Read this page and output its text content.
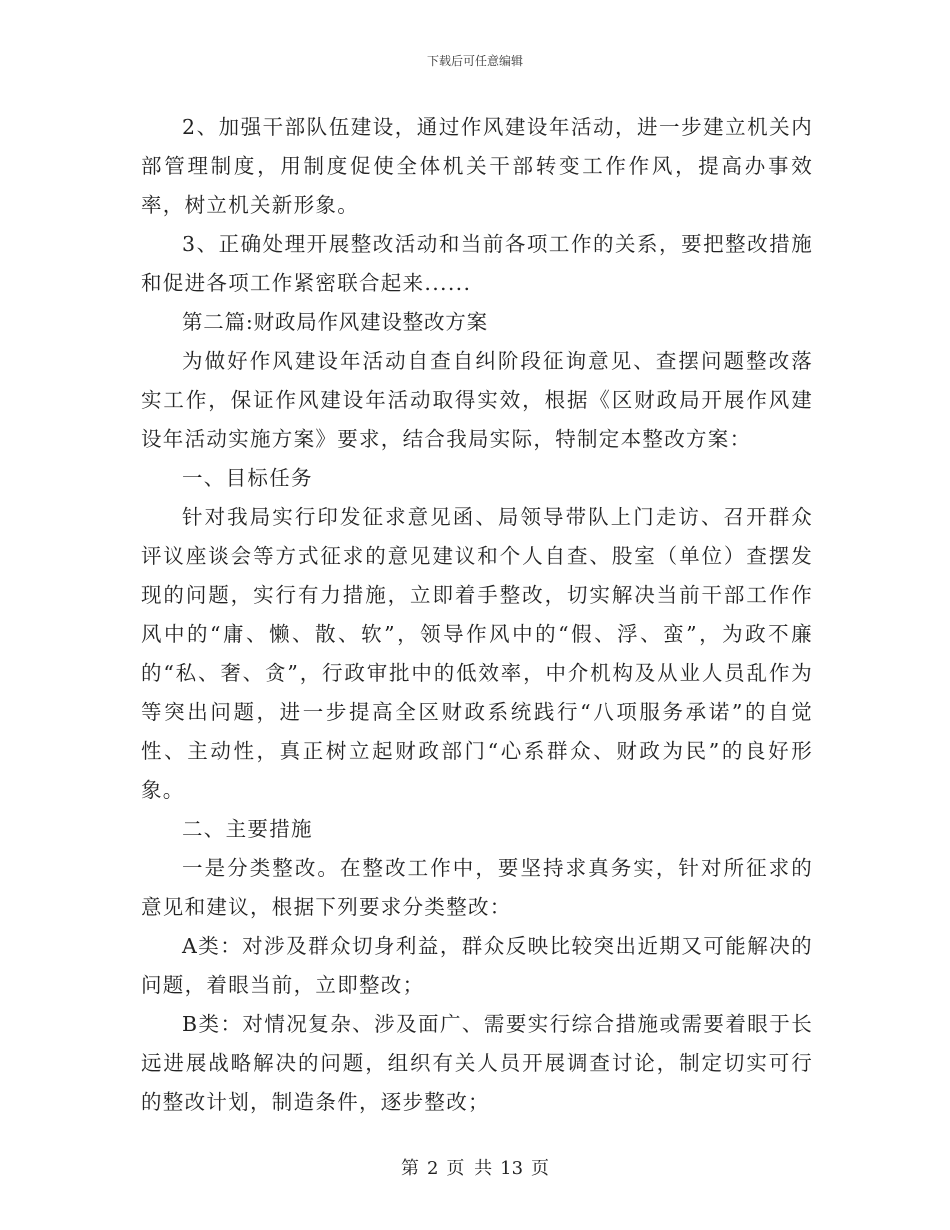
下载后可任意编辑

2、加强干部队伍建设，通过作风建设年活动，进一步建立机关内部管理制度，用制度促使全体机关干部转变工作作风，提高办事效率，树立机关新形象。

3、正确处理开展整改活动和当前各项工作的关系，要把整改措施和促进各项工作紧密联合起来......

第二篇:财政局作风建设整改方案

为做好作风建设年活动自查自纠阶段征询意见、查摆问题整改落实工作，保证作风建设年活动取得实效，根据《区财政局开展作风建设年活动实施方案》要求，结合我局实际，特制定本整改方案：

一、目标任务

针对我局实行印发征求意见函、局领导带队上门走访、召开群众评议座谈会等方式征求的意见建议和个人自查、股室（单位）查摆发现的问题，实行有力措施，立即着手整改，切实解决当前干部工作作风中的“庸、懒、散、软”，领导作风中的“假、浮、蛮”，为政不廉的“私、奢、贪”，行政审批中的低效率，中介机构及从业人员乱作为等突出问题，进一步提高全区财政系统践行“八项服务承诺”的自觉性、主动性，真正树立起财政部门“心系群众、财政为民”的良好形象。

二、主要措施

一是分类整改。在整改工作中，要坚持求真务实，针对所征求的意见和建议，根据下列要求分类整改：

A类：对涉及群众切身利益，群众反映比较突出近期又可能解决的问题，着眼当前，立即整改；

B类：对情况复杂、涉及面广、需要实行综合措施或需要着眼于长远进展战略解决的问题，组织有关人员开展调查讨论，制定切实可行的整改计划，制造条件，逐步整改；

第 2 页 共 13 页
